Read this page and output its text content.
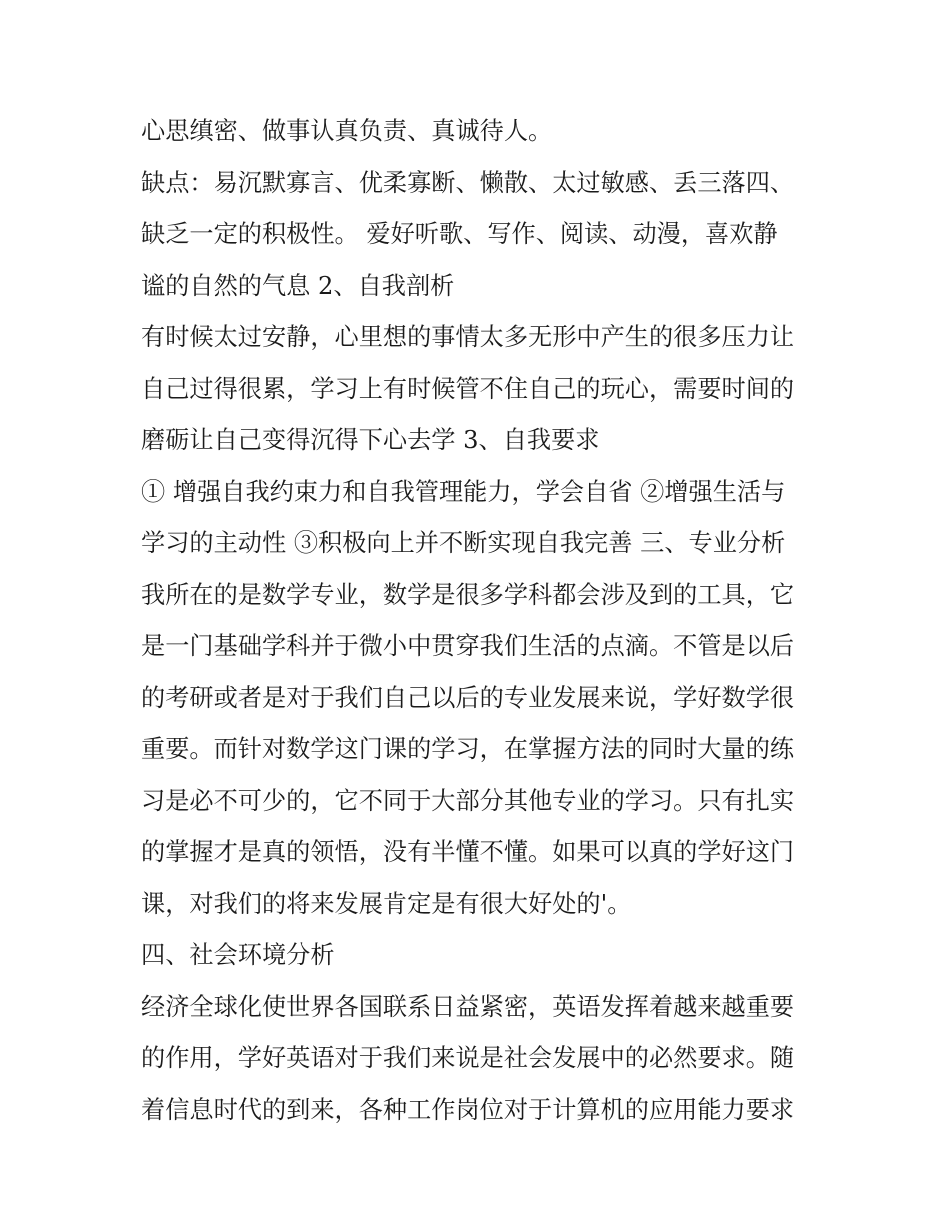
心思缜密、做事认真负责、真诚待人。
缺点：易沉默寡言、优柔寡断、懒散、太过敏感、丢三落四、
缺乏一定的积极性。 爱好听歌、写作、阅读、动漫，喜欢静
谧的自然的气息 2、自我剖析
有时候太过安静，心里想的事情太多无形中产生的很多压力让
自己过得很累，学习上有时候管不住自己的玩心，需要时间的
磨砺让自己变得沉得下心去学 3、自我要求
① 增强自我约束力和自我管理能力，学会自省 ②增强生活与
学习的主动性 ③积极向上并不断实现自我完善 三、专业分析
我所在的是数学专业，数学是很多学科都会涉及到的工具，它
是一门基础学科并于微小中贯穿我们生活的点滴。不管是以后
的考研或者是对于我们自己以后的专业发展来说，学好数学很
重要。而针对数学这门课的学习，在掌握方法的同时大量的练
习是必不可少的，它不同于大部分其他专业的学习。只有扎实
的掌握才是真的领悟，没有半懂不懂。如果可以真的学好这门
课，对我们的将来发展肯定是有很大好处的'。
四、社会环境分析
经济全球化使世界各国联系日益紧密，英语发挥着越来越重要
的作用，学好英语对于我们来说是社会发展中的必然要求。随
着信息时代的到来，各种工作岗位对于计算机的应用能力要求
